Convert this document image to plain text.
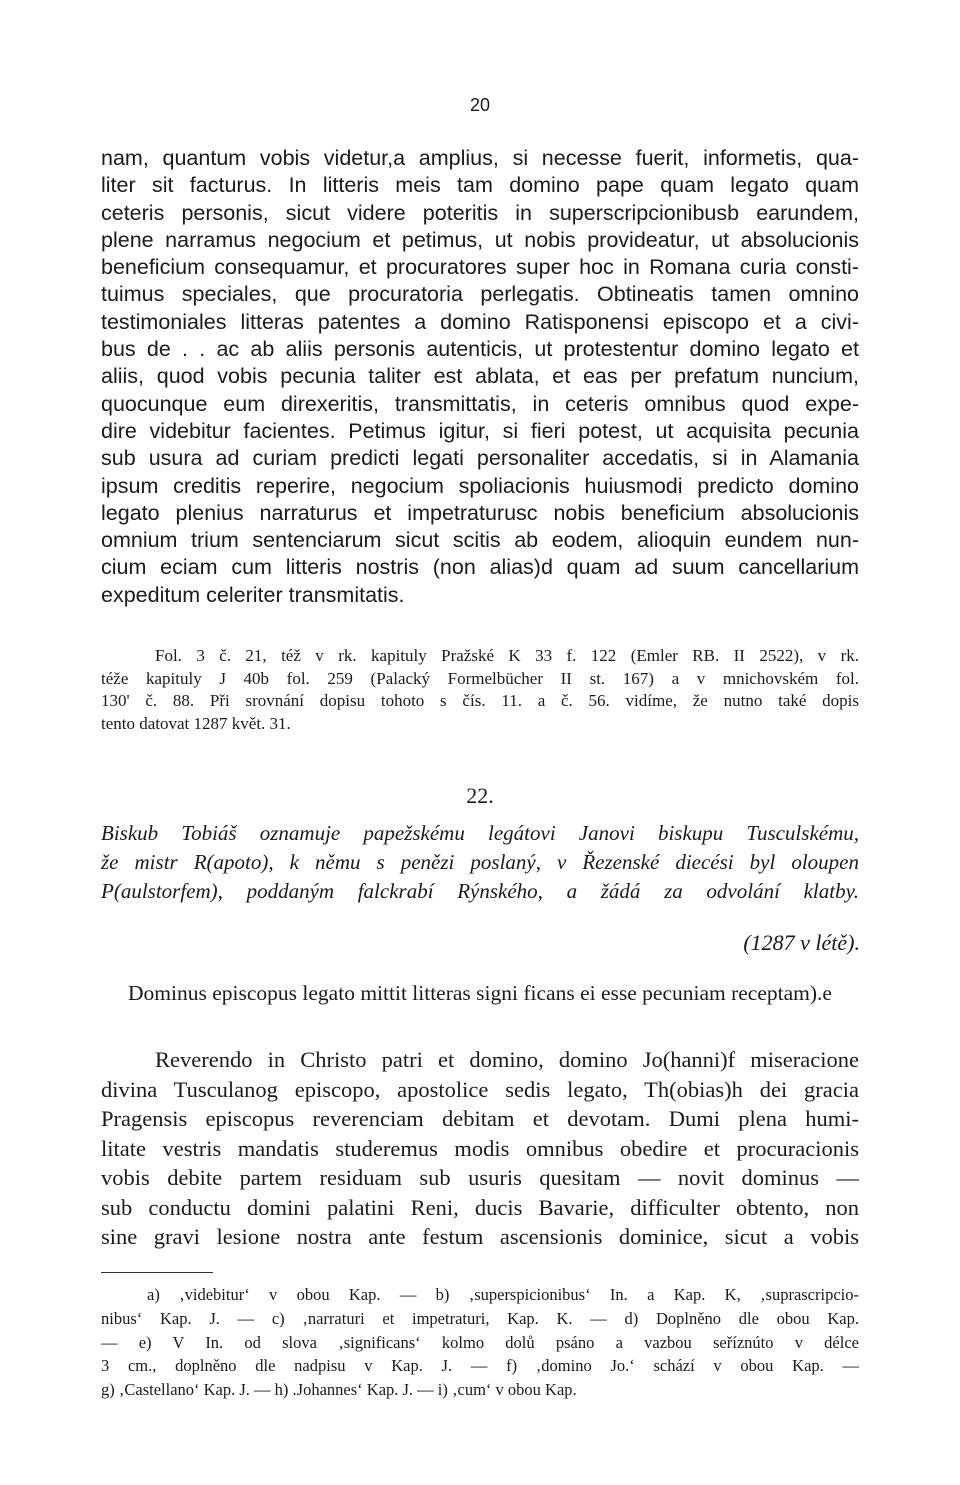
20
nam, quantum vobis videtur,a amplius, si necesse fuerit, informetis, qua-
liter sit facturus. In litteris meis tam domino pape quam legato quam
ceteris personis, sicut videre poteritis in superscripcionibusb earundem,
plene narramus negocium et petimus, ut nobis provideatur, ut absolucionis
beneficium consequamur, et procuratores super hoc in Romana curia consti-
tuimus speciales, que procuratoria perlegatis. Obtineatis tamen omnino
testimoniales litteras patentes a domino Ratisponensi episcopo et a civi-
bus de . . ac ab aliis personis autenticis, ut protestentur domino legato et
aliis, quod vobis pecunia taliter est ablata, et eas per prefatum nuncium,
quocunque eum direxeritis, transmittatis, in ceteris omnibus quod expe-
dire videbitur facientes. Petimus igitur, si fieri potest, ut acquisita pecunia
sub usura ad curiam predicti legati personaliter accedatis, si in Alamania
ipsum creditis reperire, negocium spoliacionis huiusmodi predicto domino
legato plenius narraturus et impetraturusc nobis beneficium absolucionis
omnium trium sentenciarum sicut scitis ab eodem, alioquin eundem nun-
cium eciam cum litteris nostris (non alias)d quam ad suum cancellarium
expeditum celeriter transmitatis.
Fol. 3 č. 21, též v rk. kapituly Pražské K 33 f. 122 (Emler RB. II 2522), v rk.
téže kapituly J 40b fol. 259 (Palacký Formelbücher II st. 167) a v mnichovském fol.
130' č. 88. Při srovnání dopisu tohoto s čís. 11. a č. 56. vidíme, že nutno také dopis
tento datovat 1287 květ. 31.
22.
Biskub Tobiáš oznamuje papežskému legátovi Janovi biskupu Tusculskému,
že mistr R(apoto), k němu s penězi poslaný, v Řezenské diecési byl oloupen
P(aulstorfem), poddaným falckrabí Rýnského, a žádá za odvolání klatby.
(1287 v létě).
Dominus episcopus legato mittit litteras signi ficans ei esse pecuniam receptam).e
Reverendo in Christo patri et domino, domino Jo(hanni)f miseracione
divina Tusculanog episcopo, apostolice sedis legato, Th(obias)h dei gracia
Pragensis episcopus reverenciam debitam et devotam. Dumi plena humi-
litate vestris mandatis studeremus modis omnibus obedire et procuracionis
vobis debite partem residuam sub usuris quesitam — novit dominus —
sub conductu domini palatini Reni, ducis Bavarie, difficulter obtento, non
sine gravi lesione nostra ante festum ascensionis dominice, sicut a vobis
a) ‚videbitur‘ v obou Kap. — b) ‚superspicionibus‘ In. a Kap. K, ‚suprascripcio-
nibus‘ Kap. J. — c) ‚narraturi et impetraturi, Kap. K. — d) Doplněno dle obou Kap.
— e) V In. od slova ‚significans‘ kolmo dolů psáno a vazbou seříznúto v délce
3 cm., doplněno dle nadpisu v Kap. J. — f) ‚domino Jo.‘ schází v obou Kap. —
g) ‚Castellano‘ Kap. J. — h) .Johannes‘ Kap. J. — i) ‚cum‘ v obou Kap.
